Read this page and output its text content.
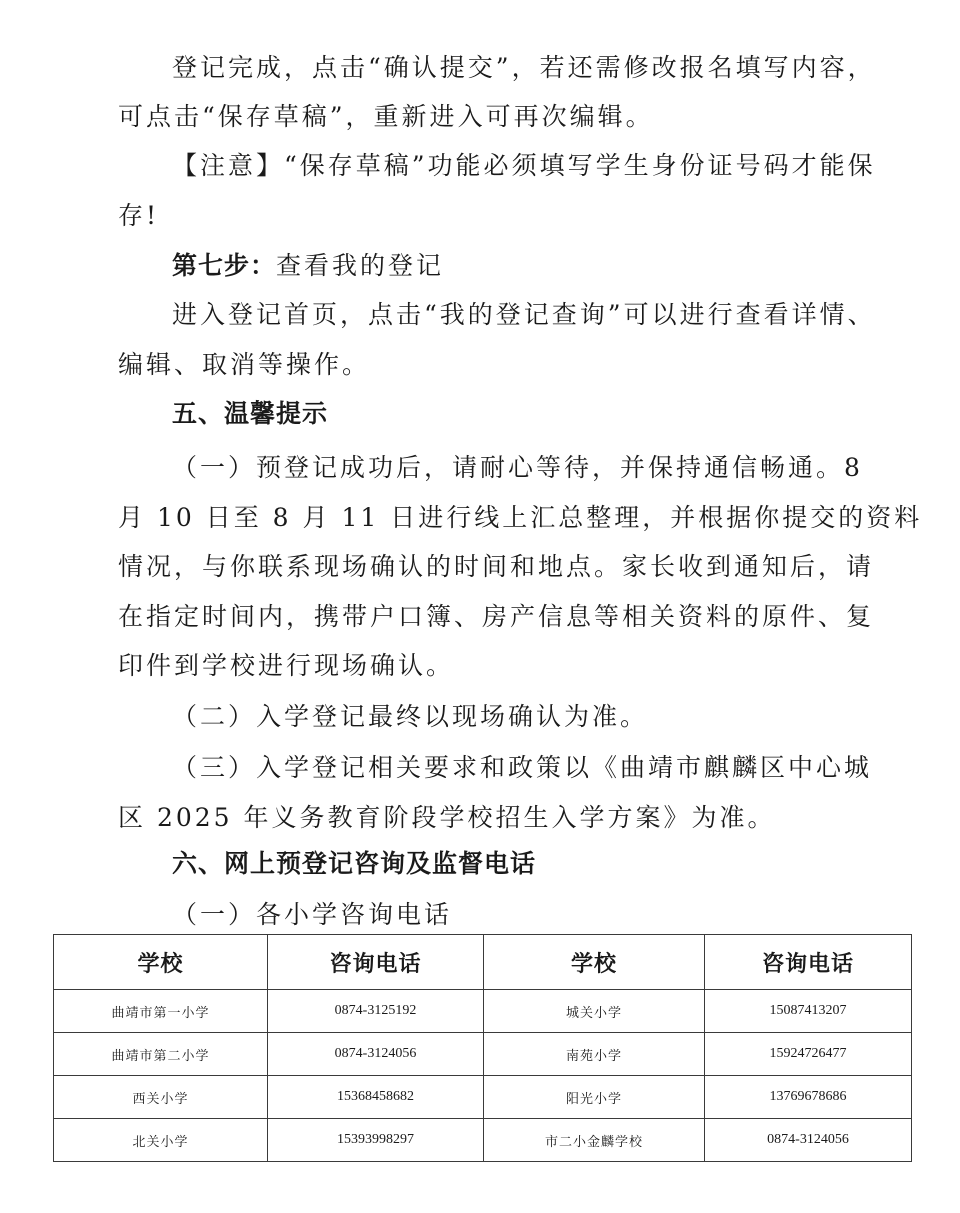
登记完成，点击“确认提交”，若还需修改报名填写内容，

可点击“保存草稿”，重新进入可再次编辑。

【注意】“保存草稿”功能必须填写学生身份证号码才能保

存!

第七步：查看我的登记

进入登记首页，点击“我的登记查询”可以进行查看详情、

编辑、取消等操作。

五、温馨提示

（一）预登记成功后，请耐心等待，并保持通信畅通。8

月 10 日至 8 月 11 日进行线上汇总整理，并根据你提交的资料

情况，与你联系现场确认的时间和地点。家长收到通知后，请

在指定时间内，携带户口簿、房产信息等相关资料的原件、复

印件到学校进行现场确认。

（二）入学登记最终以现场确认为准。

（三）入学登记相关要求和政策以《曲靖市麒麟区中心城

区 2025 年义务教育阶段学校招生入学方案》为准。

六、网上预登记咨询及监督电话

（一）各小学咨询电话

学校	咨询电话	学校	咨询电话
曲靖市第一小学	0874-3125192	城关小学	15087413207
曲靖市第二小学	0874-3124056	南苑小学	15924726477
西关小学	15368458682	阳光小学	13769678686
北关小学	15393998297	市二小金麟学校	0874-3124056
